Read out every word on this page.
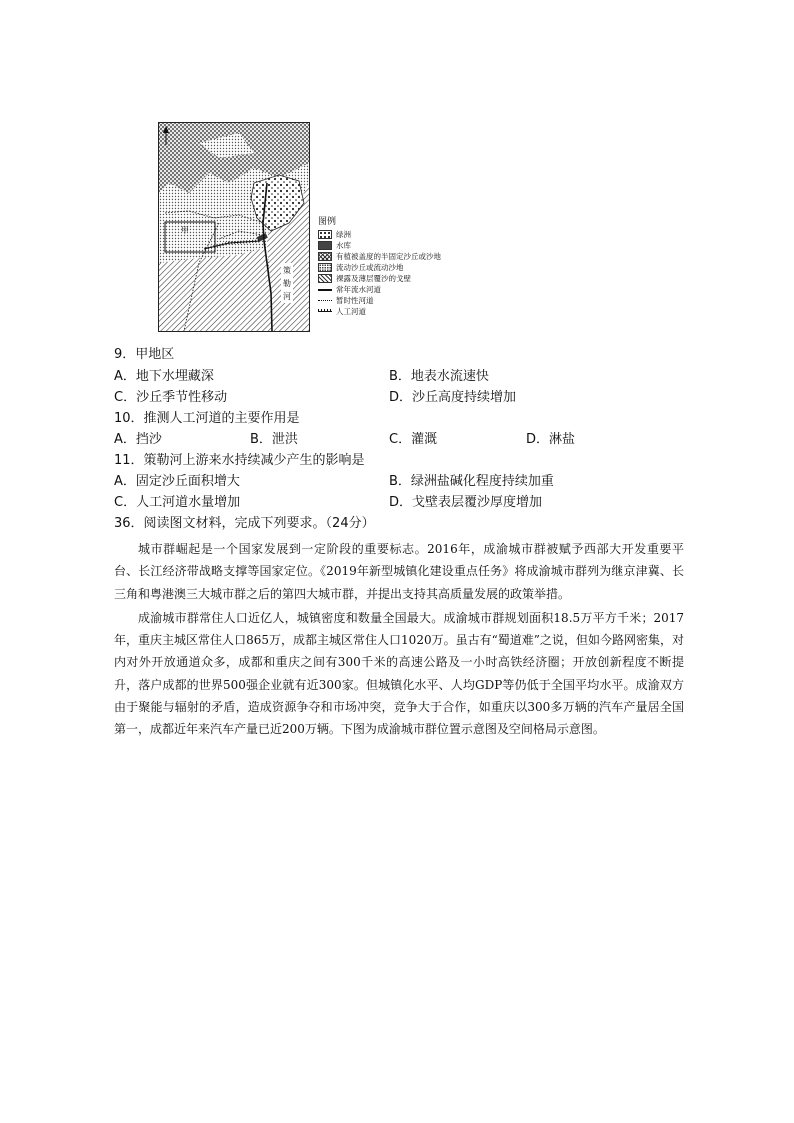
甲
策
勒
河
图例
绿洲
水库
有植被盖度的半固定沙丘或沙地
流动沙丘或流动沙地
裸露及薄层覆沙的戈壁
常年流水河道
暂时性河道
人工河道
9．甲地区
A．地下水埋藏深	B．地表水流速快
C．沙丘季节性移动	D．沙丘高度持续增加
10．推测人工河道的主要作用是
A．挡沙	B．泄洪	C．灌溉	D．淋盐
11．策勒河上游来水持续减少产生的影响是
A．固定沙丘面积增大	B．绿洲盐碱化程度持续加重
C．人工河道水量增加	D．戈壁表层覆沙厚度增加
36．阅读图文材料，完成下列要求。（24分）

城市群崛起是一个国家发展到一定阶段的重要标志。2016年，成渝城市群被赋予西部大开发重要平台、长江经济带战略支撑等国家定位。《2019年新型城镇化建设重点任务》将成渝城市群列为继京津冀、长三角和粤港澳三大城市群之后的第四大城市群，并提出支持其高质量发展的政策举措。

成渝城市群常住人口近亿人，城镇密度和数量全国最大。成渝城市群规划面积18.5万平方千米；2017年，重庆主城区常住人口865万，成都主城区常住人口1020万。虽古有“蜀道难”之说，但如今路网密集，对内对外开放通道众多，成都和重庆之间有300千米的高速公路及一小时高铁经济圈；开放创新程度不断提升，落户成都的世界500强企业就有近300家。但城镇化水平、人均GDP等仍低于全国平均水平。成渝双方由于聚能与辐射的矛盾，造成资源争夺和市场冲突，竞争大于合作，如重庆以300多万辆的汽车产量居全国第一，成都近年来汽车产量已近200万辆。下图为成渝城市群位置示意图及空间格局示意图。
